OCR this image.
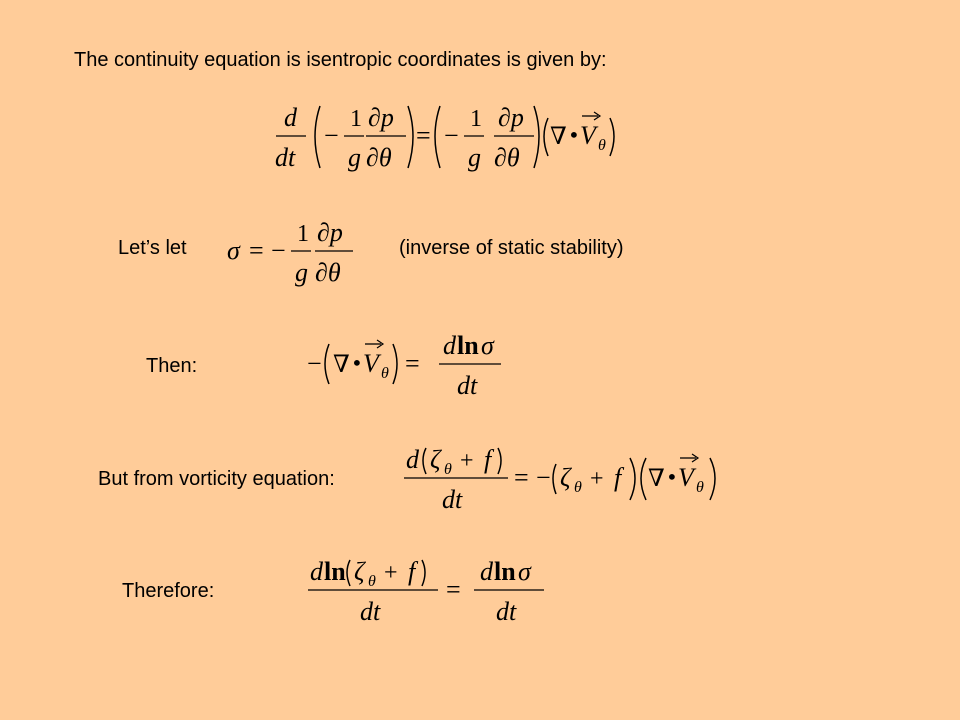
The continuity equation is isentropic coordinates is given by:
d
dt
−
1
g
∂p
∂θ
= −
1
g
∂p
∂θ
∇ • V θ
Let’s let σ = −
1
g
∂p
∂θ
(inverse of static stability)
Then:	− ∇ • V θ =
d ln σ
dt
But from vorticity equation:
d ζ θ + f
dt
= − ζ θ + f ∇ • V θ
Therefore:
d ln ζ θ + f
dt
=
d ln σ
dt
